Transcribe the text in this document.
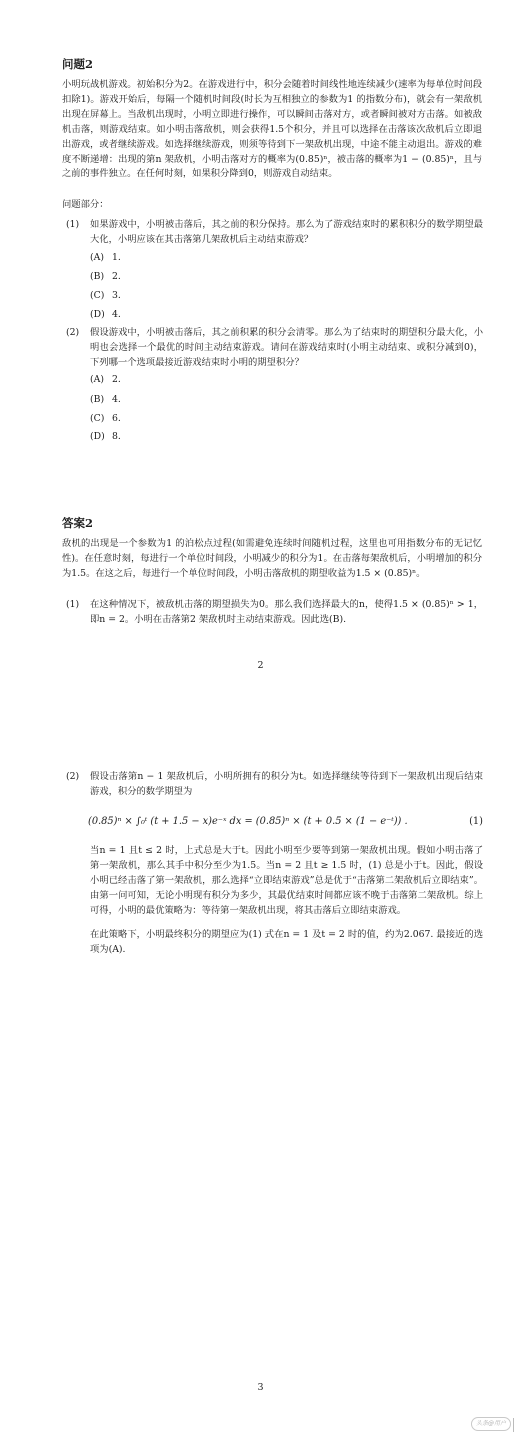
问题2
小明玩战机游戏。初始积分为2。在游戏进行中，积分会随着时间线性地连续减少(速率为每单位时间段扣除1)。游戏开始后，每隔一个随机时间段(时长为互相独立的参数为1 的指数分布)，就会有一架敌机出现在屏幕上。当敌机出现时，小明立即进行操作，可以瞬间击落对方，或者瞬间被对方击落。如被敌机击落，则游戏结束。如小明击落敌机，则会获得1.5个积分，并且可以选择在击落该次敌机后立即退出游戏，或者继续游戏。如选择继续游戏，则须等待到下一架敌机出现，中途不能主动退出。游戏的难度不断递增：出现的第n 架敌机，小明击落对方的概率为(0.85)ⁿ，被击落的概率为1 − (0.85)ⁿ，且与之前的事件独立。在任何时刻，如果积分降到0，则游戏自动结束。
问题部分：
(1) 如果游戏中，小明被击落后，其之前的积分保持。那么为了游戏结束时的累积积分的数学期望最大化，小明应该在其击落第几架敌机后主动结束游戏？
(A) 1.
(B) 2.
(C) 3.
(D) 4.
(2) 假设游戏中，小明被击落后，其之前积累的积分会清零。那么为了结束时的期望积分最大化，小明也会选择一个最优的时间主动结束游戏。请问在游戏结束时(小明主动结束、或积分减到0)，下列哪一个选项最接近游戏结束时小明的期望积分？
(A) 2.
(B) 4.
(C) 6.
(D) 8.
答案2
敌机的出现是一个参数为1 的泊松点过程(如需避免连续时间随机过程，这里也可用指数分布的无记忆性)。在任意时刻，每进行一个单位时间段，小明减少的积分为1。在击落每架敌机后，小明增加的积分为1.5。在这之后，每进行一个单位时间段，小明击落敌机的期望收益为1.5 × (0.85)ⁿ。
(1) 在这种情况下，被敌机击落的期望损失为0。那么我们选择最大的n，使得1.5 × (0.85)ⁿ > 1，即n = 2。小明在击落第2 架敌机时主动结束游戏。因此选(B).
2
(2) 假设击落第n − 1 架敌机后，小明所拥有的积分为t。如选择继续等待到下一架敌机出现后结束游戏，积分的数学期望为
(0.85)ⁿ × ∫₀ᵗ (t + 1.5 − x)e⁻ˣ dx = (0.85)ⁿ × (t + 0.5 × (1 − e⁻ᵗ)) .	(1)
当n = 1 且t ≤ 2 时，上式总是大于t。因此小明至少要等到第一架敌机出现。假如小明击落了第一架敌机，那么其手中积分至少为1.5。当n = 2 且t ≥ 1.5 时，(1) 总是小于t。因此，假设小明已经击落了第一架敌机，那么选择“立即结束游戏”总是优于“击落第二架敌机后立即结束”。由第一问可知，无论小明现有积分为多少，其最优结束时间都应该不晚于击落第二架敌机。综上可得，小明的最优策略为：等待第一架敌机出现，将其击落后立即结束游戏。
在此策略下，小明最终积分的期望应为(1) 式在n = 1 及t = 2 时的值，约为2.067. 最接近的选项为(A).
3
头条@用户
